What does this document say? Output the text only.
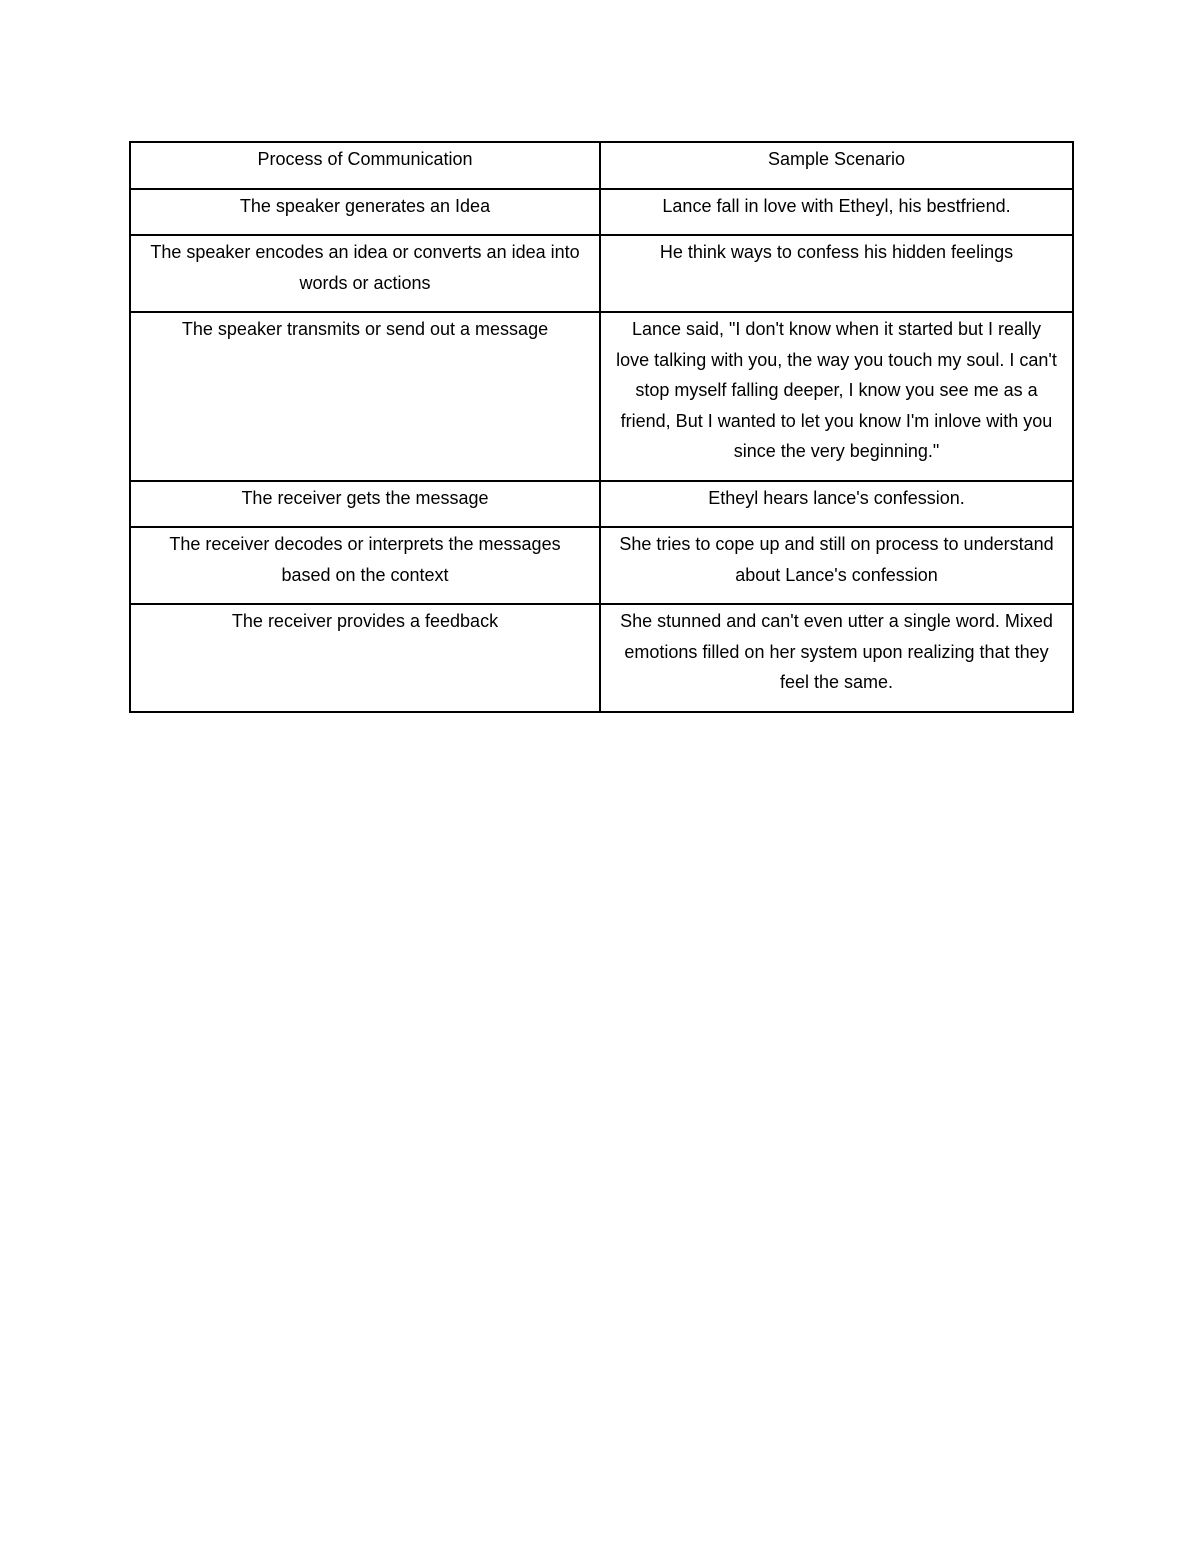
Process of Communication	Sample Scenario

The speaker generates an Idea	Lance fall in love with Etheyl, his bestfriend.

The speaker encodes an idea or converts an idea into words or actions	He think ways to confess his hidden feelings

The speaker transmits or send out a message	Lance said, "I don't know when it started but I really love talking with you, the way you touch my soul. I can't stop myself falling deeper, I know you see me as a friend, But I wanted to let you know I'm inlove with you since the very beginning."

The receiver gets the message	Etheyl hears lance's confession.

The receiver decodes or interprets the messages based on the context	She tries to cope up and still on process to understand about Lance's confession

The receiver provides a feedback	She stunned and can't even utter a single word. Mixed emotions filled on her system upon realizing that they feel the same.
